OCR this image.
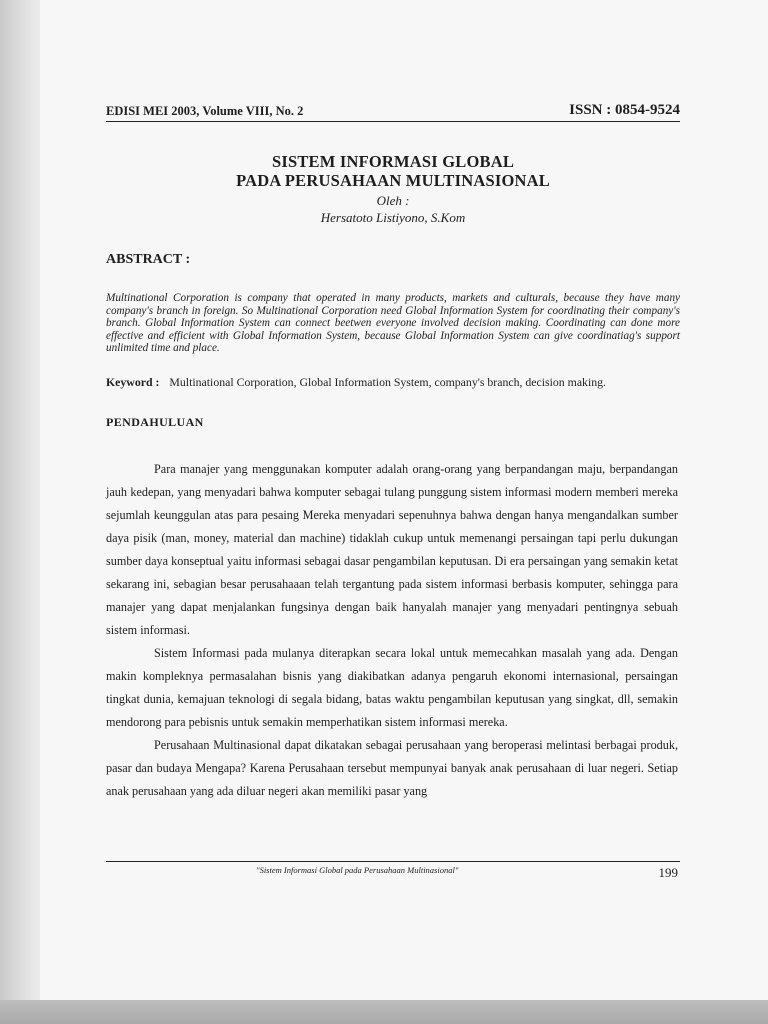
EDISI MEI 2003, Volume VIII, No. 2	ISSN : 0854-9524
SISTEM INFORMASI GLOBAL
PADA PERUSAHAAN MULTINASIONAL
Oleh :
Hersatoto Listiyono, S.Kom
ABSTRACT :
Multinational Corporation is company that operated in many products, markets and culturals, because they have many company's branch in foreign. So Multinational Corporation need Global Information System for coordinating their company's branch. Global Information System can connect beetwen everyone involved decision making. Coordinating can done more effective and efficient with Global Information System, because Global Information System can give coordinatiag's support unlimited time and place.
Keyword : Multinational Corporation, Global Information System, company's branch, decision making.
PENDAHULUAN

Para manajer yang menggunakan komputer adalah orang-orang yang berpandangan maju, berpandangan jauh kedepan, yang menyadari bahwa komputer sebagai tulang punggung sistem informasi modern memberi mereka sejumlah keunggulan atas para pesaing Mereka menyadari sepenuhnya bahwa dengan hanya mengandalkan sumber daya pisik (man, money, material dan machine) tidaklah cukup untuk memenangi persaingan tapi perlu dukungan sumber daya konseptual yaitu informasi sebagai dasar pengambilan keputusan. Di era persaingan yang semakin ketat sekarang ini, sebagian besar perusahaaan telah tergantung pada sistem informasi berbasis komputer, sehingga para manajer yang dapat menjalankan fungsinya dengan baik hanyalah manajer yang menyadari pentingnya sebuah sistem informasi.

Sistem Informasi pada mulanya diterapkan secara lokal untuk memecahkan masalah yang ada. Dengan makin kompleknya permasalahan bisnis yang diakibatkan adanya pengaruh ekonomi internasional, persaingan tingkat dunia, kemajuan teknologi di segala bidang, batas waktu pengambilan keputusan yang singkat, dll, semakin mendorong para pebisnis untuk semakin memperhatikan sistem informasi mereka.

Perusahaan Multinasional dapat dikatakan sebagai perusahaan yang beroperasi melintasi berbagai produk, pasar dan budaya Mengapa? Karena Perusahaan tersebut mempunyai banyak anak perusahaan di luar negeri. Setiap anak perusahaan yang ada diluar negeri akan memiliki pasar yang

"Sistem Informasi Global pada Perusahaan Multinasional"	199
